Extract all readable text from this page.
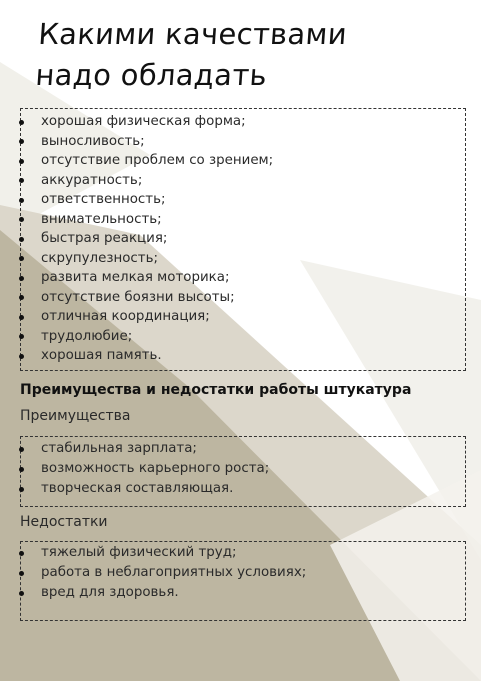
Какими качествами
надо обладать
хорошая физическая форма;
выносливость;
отсутствие проблем со зрением;
аккуратность;
ответственность;
внимательность;
быстрая реакция;
скрупулезность;
развита мелкая моторика;
отсутствие боязни высоты;
отличная координация;
трудолюбие;
хорошая память.
Преимущества и недостатки работы штукатура
Преимущества
стабильная зарплата;
возможность карьерного роста;
творческая составляющая.
Недостатки
тяжелый физический труд;
работа в неблагоприятных условиях;
вред для здоровья.
